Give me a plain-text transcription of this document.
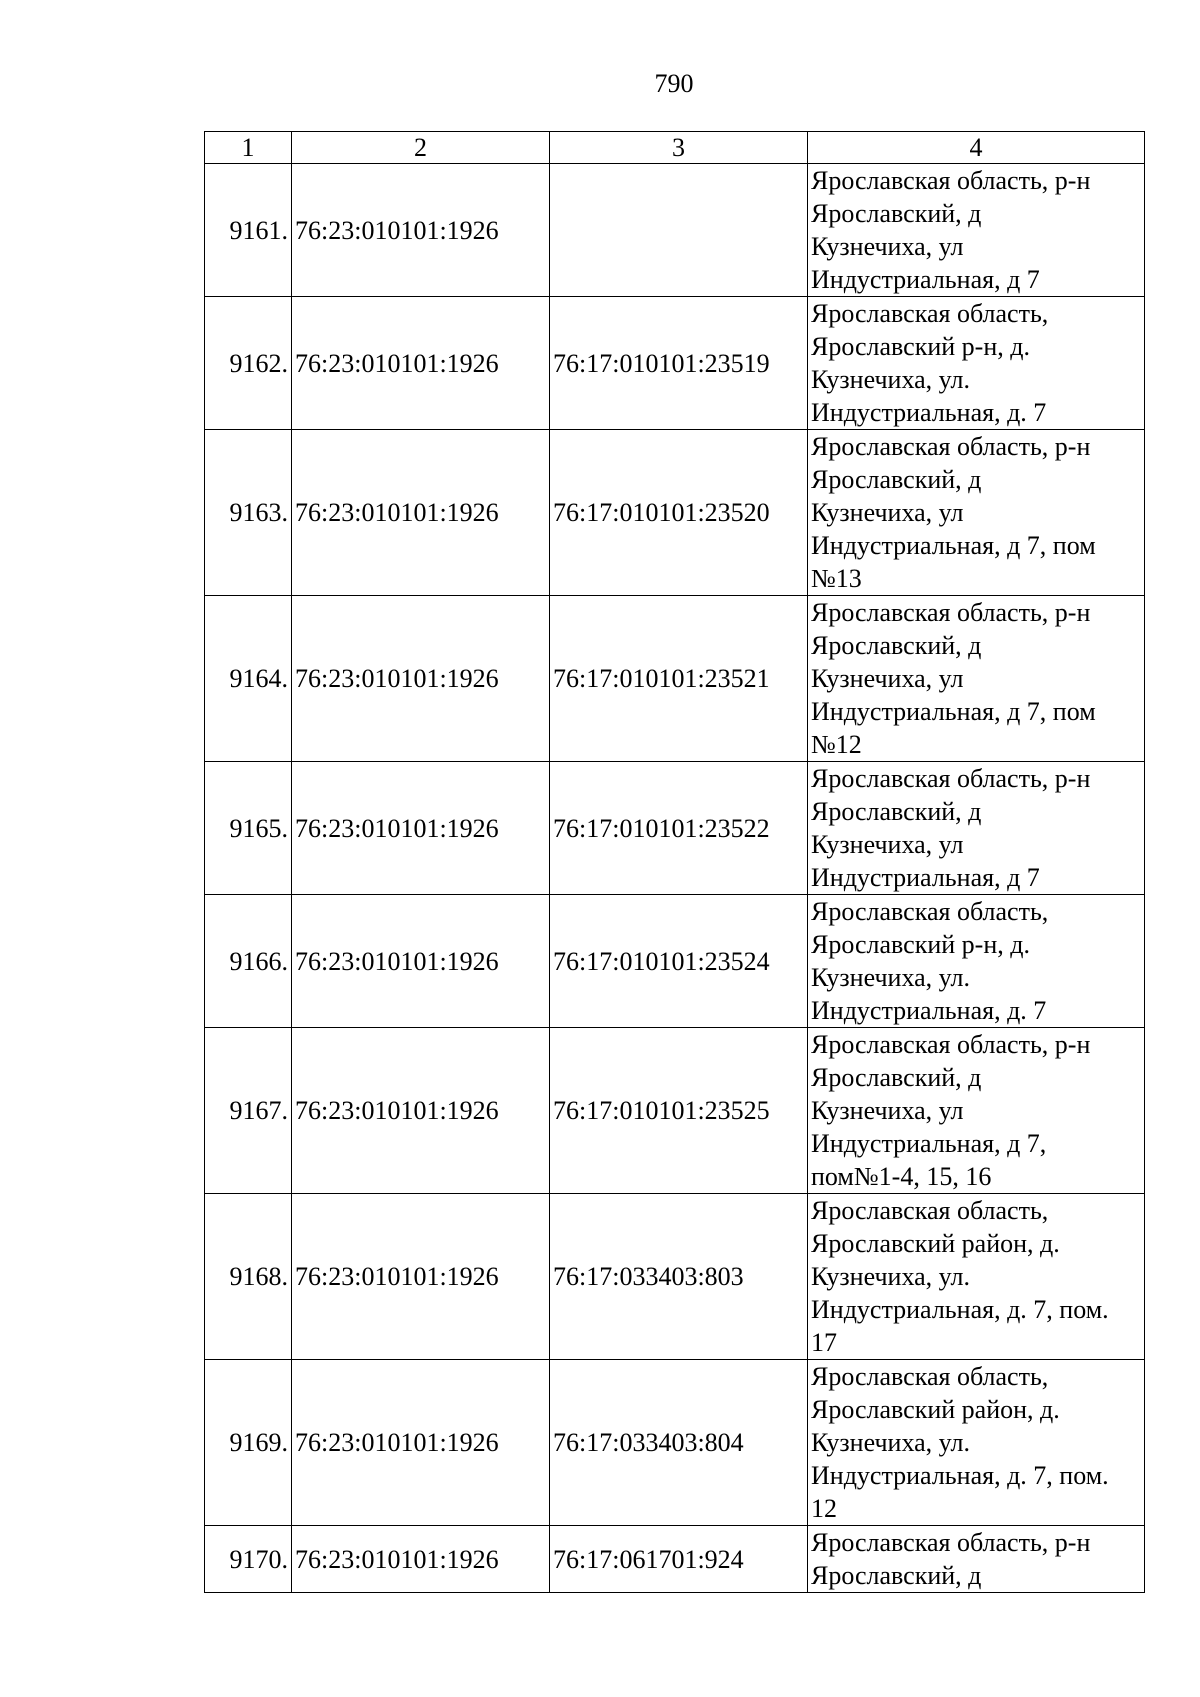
790
1	2	3	4
9161.	76:23:010101:1926		Ярославская область, р-н
Ярославский, д
Кузнечиха, ул
Индустриальная, д 7

9162.	76:23:010101:1926	76:17:010101:23519	Ярославская область,
Ярославский р-н, д.
Кузнечиха, ул.
Индустриальная, д. 7

9163.	76:23:010101:1926	76:17:010101:23520	Ярославская область, р-н
Ярославский, д
Кузнечиха, ул
Индустриальная, д 7, пом
№13

9164.	76:23:010101:1926	76:17:010101:23521	Ярославская область, р-н
Ярославский, д
Кузнечиха, ул
Индустриальная, д 7, пом
№12

9165.	76:23:010101:1926	76:17:010101:23522	Ярославская область, р-н
Ярославский, д
Кузнечиха, ул
Индустриальная, д 7

9166.	76:23:010101:1926	76:17:010101:23524	Ярославская область,
Ярославский р-н, д.
Кузнечиха, ул.
Индустриальная, д. 7

9167.	76:23:010101:1926	76:17:010101:23525	Ярославская область, р-н
Ярославский, д
Кузнечиха, ул
Индустриальная, д 7,
пом№1-4, 15, 16

9168.	76:23:010101:1926	76:17:033403:803	Ярославская область,
Ярославский район, д.
Кузнечиха, ул.
Индустриальная, д. 7, пом.
17

9169.	76:23:010101:1926	76:17:033403:804	Ярославская область,
Ярославский район, д.
Кузнечиха, ул.
Индустриальная, д. 7, пом.
12

9170.	76:23:010101:1926	76:17:061701:924	Ярославская область, р-н
Ярославский, д
